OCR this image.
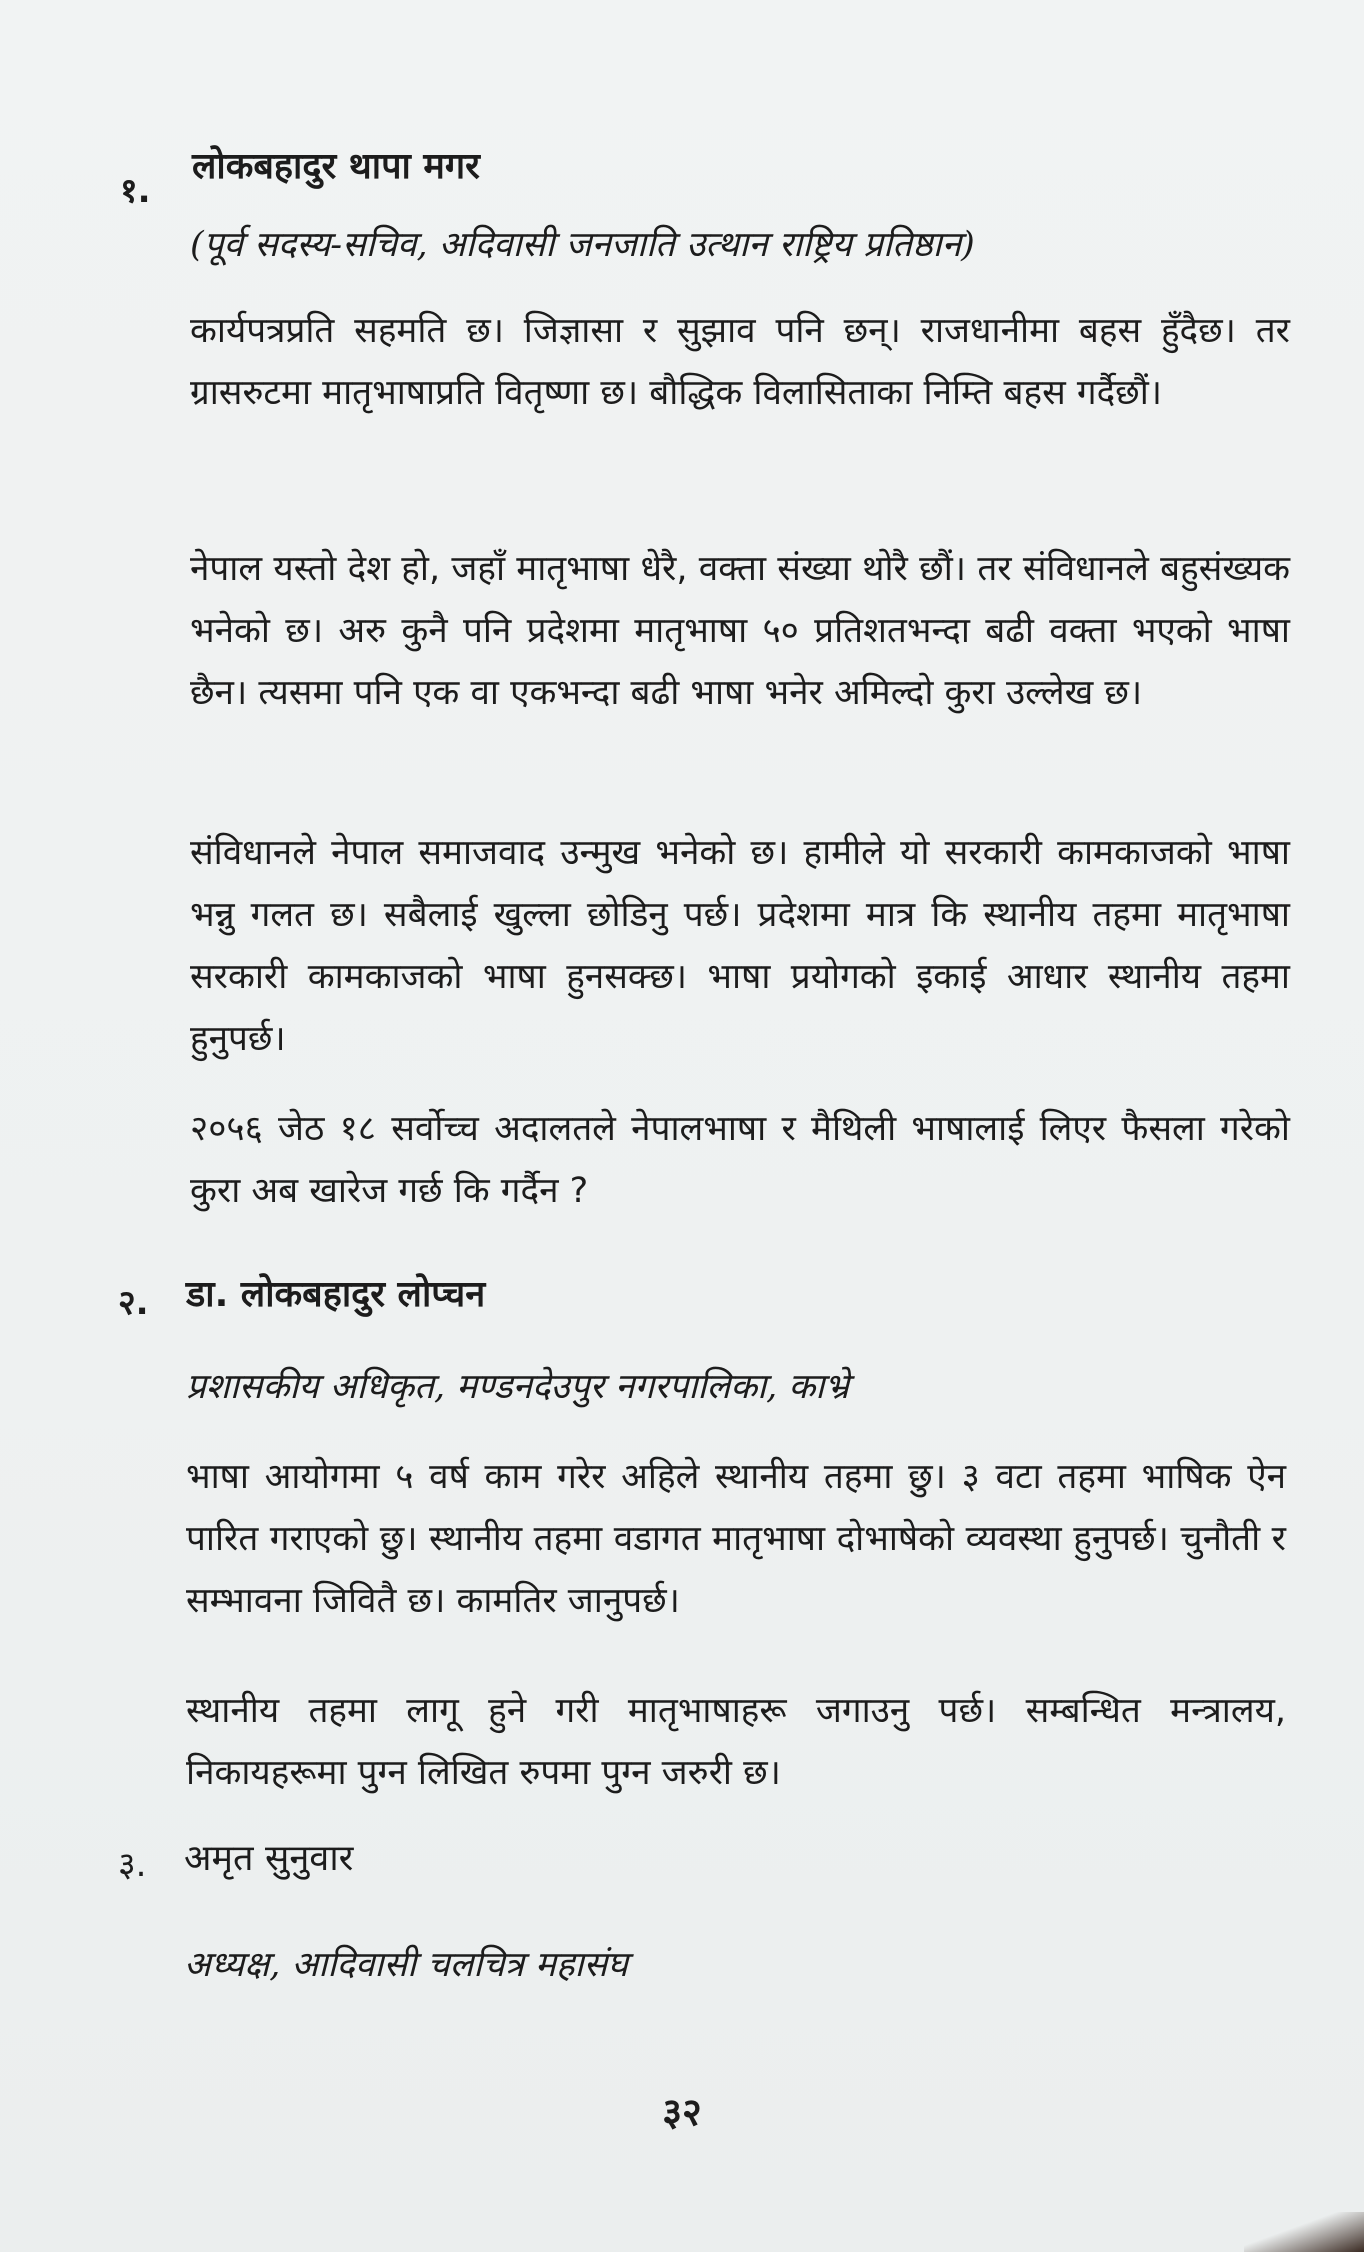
१.
लोकबहादुर थापा मगर
(पूर्व सदस्य-सचिव, अदिवासी जनजाति उत्थान राष्ट्रिय प्रतिष्ठान)
कार्यपत्रप्रति सहमति छ। जिज्ञासा र सुझाव पनि छन्। राजधानीमा बहस हुँदैछ। तर ग्रासरुटमा मातृभाषाप्रति वितृष्णा छ। बौद्धिक विलासिताका निम्ति बहस गर्दैछौं।
नेपाल यस्तो देश हो, जहाँ मातृभाषा धेरै, वक्ता संख्या थोरै छौं। तर संविधानले बहुसंख्यक भनेको छ। अरु कुनै पनि प्रदेशमा मातृभाषा ५० प्रतिशतभन्दा बढी वक्ता भएको भाषा छैन। त्यसमा पनि एक वा एकभन्दा बढी भाषा भनेर अमिल्दो कुरा उल्लेख छ।
संविधानले नेपाल समाजवाद उन्मुख भनेको छ। हामीले यो सरकारी कामकाजको भाषा भन्नु गलत छ। सबैलाई खुल्ला छोडिनु पर्छ। प्रदेशमा मात्र कि स्थानीय तहमा मातृभाषा सरकारी कामकाजको भाषा हुनसक्छ। भाषा प्रयोगको इकाई आधार स्थानीय तहमा हुनुपर्छ।
२०५६ जेठ १८ सर्वोच्च अदालतले नेपालभाषा र मैथिली भाषालाई लिएर फैसला गरेको कुरा अब खारेज गर्छ कि गर्दैन ?
२. डा. लोकबहादुर लोप्चन
प्रशासकीय अधिकृत, मण्डनदेउपुर नगरपालिका, काभ्रे
भाषा आयोगमा ५ वर्ष काम गरेर अहिले स्थानीय तहमा छु। ३ वटा तहमा भाषिक ऐन पारित गराएको छु। स्थानीय तहमा वडागत मातृभाषा दोभाषेको व्यवस्था हुनुपर्छ। चुनौती र सम्भावना जिवितै छ। कामतिर जानुपर्छ।
स्थानीय तहमा लागू हुने गरी मातृभाषाहरू जगाउनु पर्छ। सम्बन्धित मन्त्रालय, निकायहरूमा पुग्न लिखित रुपमा पुग्न जरुरी छ।
३. अमृत सुनुवार
अध्यक्ष, आदिवासी चलचित्र महासंघ
३२
